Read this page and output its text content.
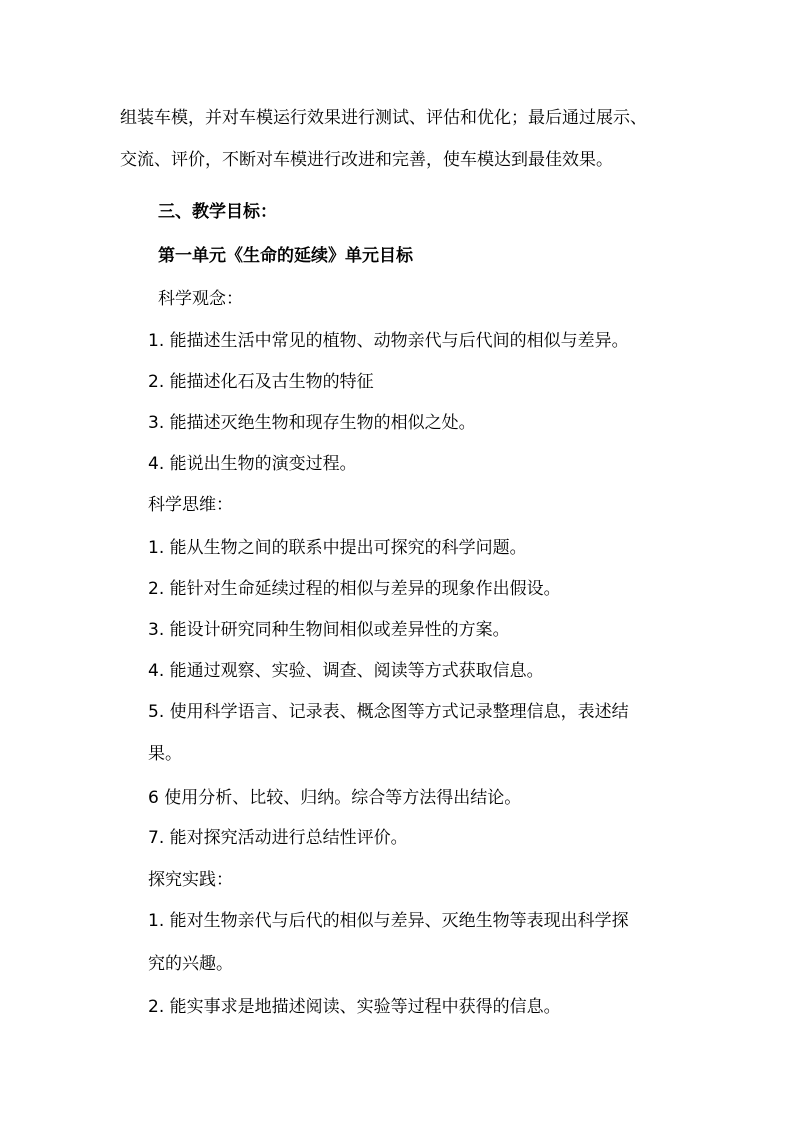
组装车模，并对车模运行效果进行测试、评估和优化；最后通过展示、
交流、评价，不断对车模进行改进和完善，使车模达到最佳效果。
三、教学目标：
第一单元《生命的延续》单元目标
科学观念：
1. 能描述生活中常见的植物、动物亲代与后代间的相似与差异。
2. 能描述化石及古生物的特征
3. 能描述灭绝生物和现存生物的相似之处。
4. 能说出生物的演变过程。
科学思维：
1. 能从生物之间的联系中提出可探究的科学问题。
2. 能针对生命延续过程的相似与差异的现象作出假设。
3. 能设计研究同种生物间相似或差异性的方案。
4. 能通过观察、实验、调查、阅读等方式获取信息。
5. 使用科学语言、记录表、概念图等方式记录整理信息，表述结
果。
6 使用分析、比较、归纳。综合等方法得出结论。
7. 能对探究活动进行总结性评价。
探究实践：
1. 能对生物亲代与后代的相似与差异、灭绝生物等表现出科学探
究的兴趣。
2. 能实事求是地描述阅读、实验等过程中获得的信息。
